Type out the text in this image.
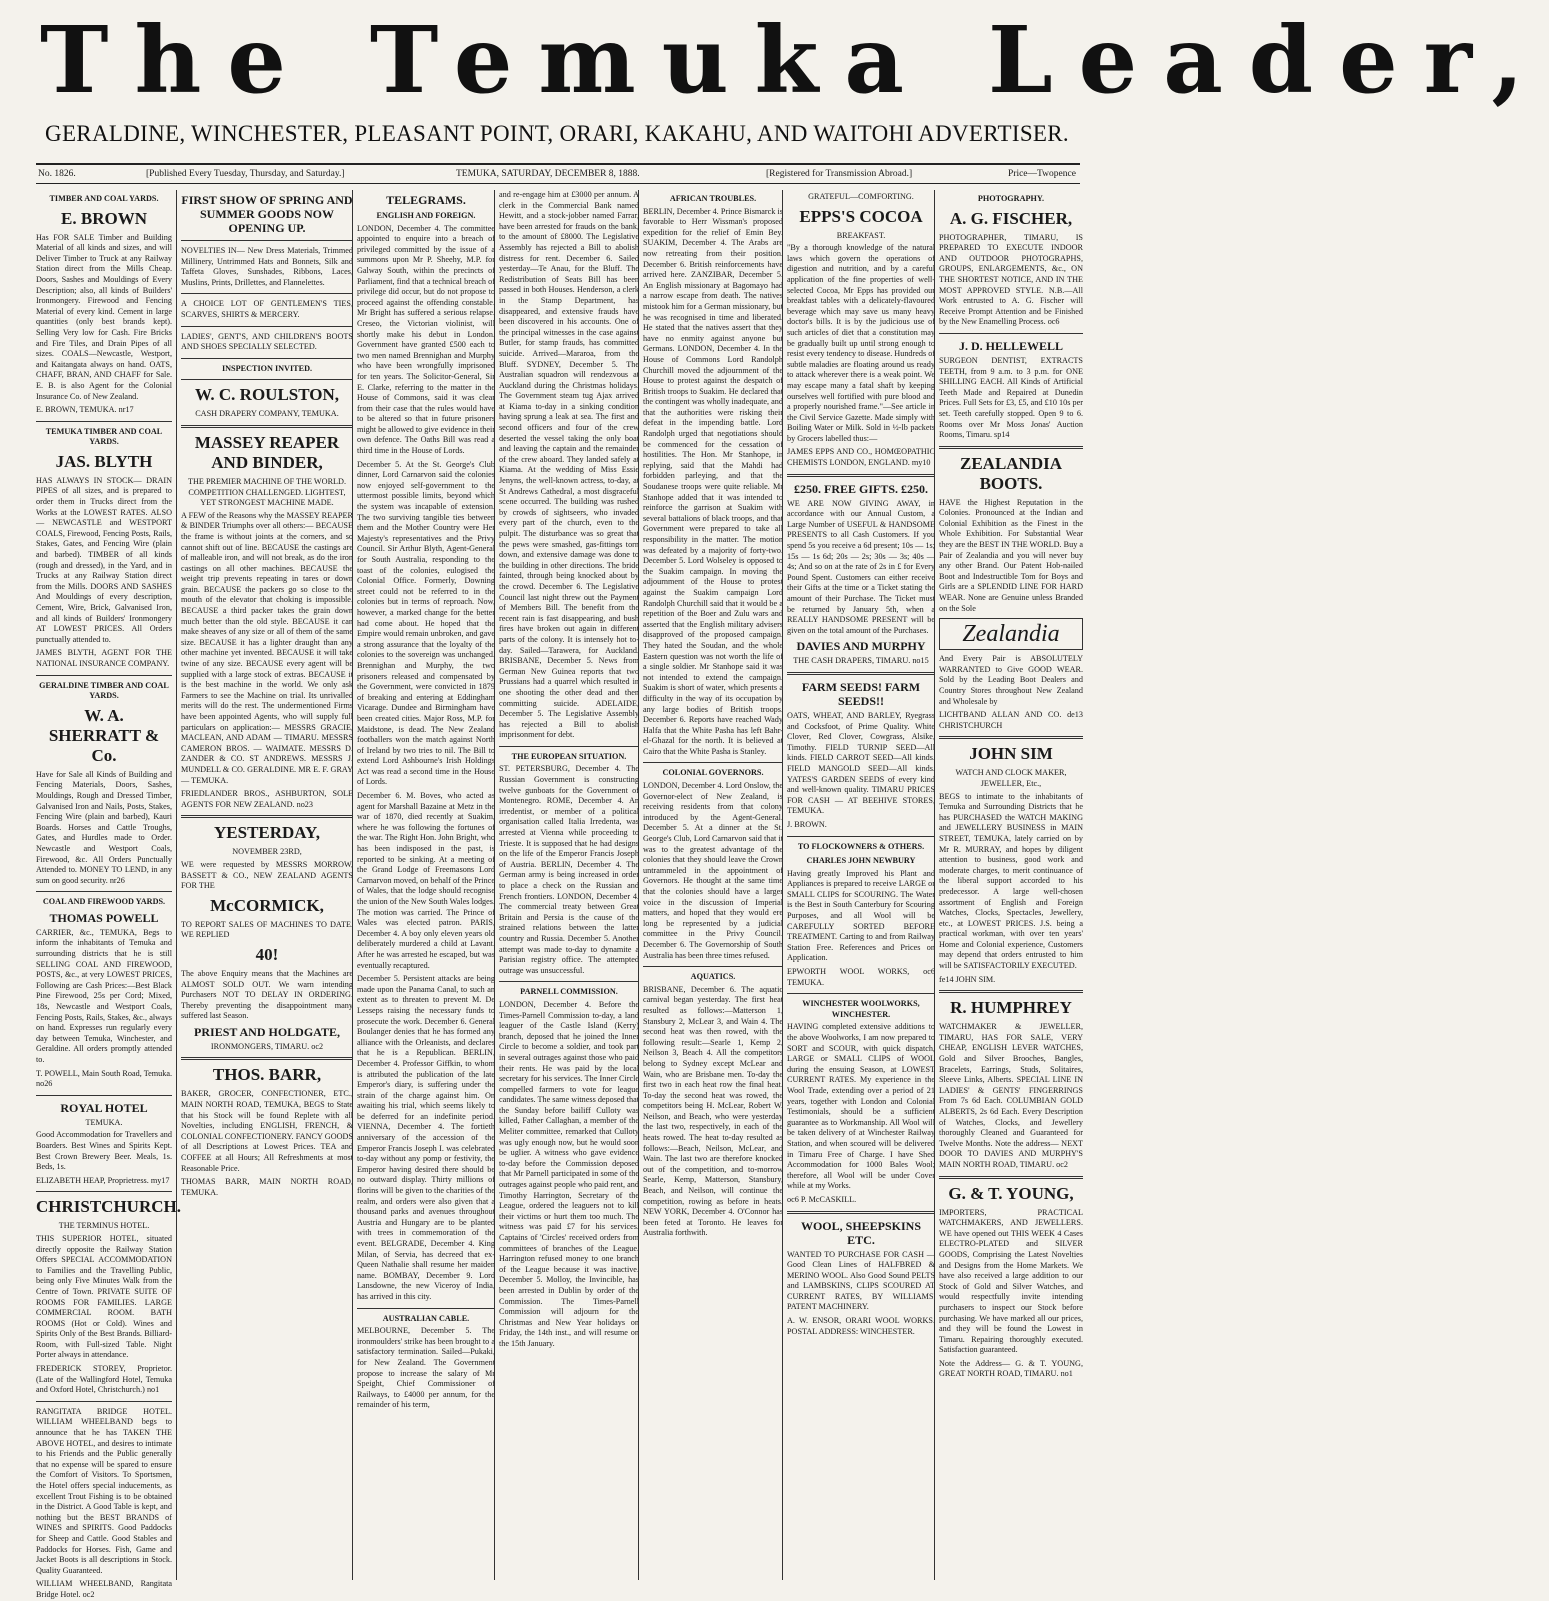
The Temuka Leader,
GERALDINE, WINCHESTER, PLEASANT POINT, ORARI, KAKAHU, AND WAITOHI ADVERTISER.
No. 1826.	[Published Every Tuesday, Thursday, and Saturday.]	TEMUKA, SATURDAY, DECEMBER 8, 1888.	[Registered for Transmission Abroad.]	Price—Twopence
TIMBER AND COAL YARDS.
E. BROWN

Has FOR SALE Timber and Building Material of all kinds and sizes, and will Deliver Timber to Truck at any Railway Station direct from the Mills Cheap. Doors, Sashes and Mouldings of Every Description; also, all kinds of Builders' Ironmongery. Firewood and Fencing Material of every kind. Cement in large quantities (only best brands kept). Selling Very low for Cash. Fire Bricks and Fire Tiles, and Drain Pipes of all sizes. COALS—Newcastle, Westport, and Kaitangata always on hand. OATS, CHAFF, BRAN, AND CHAFF for Sale. E. B. is also Agent for the Colonial Insurance Co. of New Zealand.

E. BROWN, TEMUKA. nr17

TEMUKA TIMBER AND COAL YARDS.
JAS. BLYTH

HAS ALWAYS IN STOCK— DRAIN PIPES of all sizes, and is prepared to order them in Trucks direct from the Works at the LOWEST RATES. ALSO— NEWCASTLE and WESTPORT COALS, Firewood, Fencing Posts, Rails, Stakes, Gates, and Fencing Wire (plain and barbed). TIMBER of all kinds (rough and dressed), in the Yard, and in Trucks at any Railway Station direct from the Mills. DOORS AND SASHES And Mouldings of every description, Cement, Wire, Brick, Galvanised Iron, and all kinds of Builders' Ironmongery AT LOWEST PRICES. All Orders punctually attended to.

JAMES BLYTH, AGENT FOR THE NATIONAL INSURANCE COMPANY.

GERALDINE TIMBER AND COAL YARDS.
W. A. SHERRATT & Co.

Have for Sale all Kinds of Building and Fencing Materials, Doors, Sashes, Mouldings, Rough and Dressed Timber, Galvanised Iron and Nails, Posts, Stakes, Fencing Wire (plain and barbed), Kauri Boards. Horses and Cattle Troughs, Gates, and Hurdles made to Order. Newcastle and Westport Coals, Firewood, &c. All Orders Punctually Attended to. MONEY TO LEND, in any sum on good security. nr26

COAL AND FIREWOOD YARDS.
THOMAS POWELL

CARRIER, &c., TEMUKA, Begs to inform the inhabitants of Temuka and surrounding districts that he is still SELLING COAL AND FIREWOOD, POSTS, &c., at very LOWEST PRICES, Following are Cash Prices:—Best Black Pine Firewood, 25s per Cord; Mixed, 18s, Newcastle and Westport Coals, Fencing Posts, Rails, Stakes, &c., always on hand. Expresses run regularly every day between Temuka, Winchester, and Geraldine. All orders promptly attended to.

T. POWELL, Main South Road, Temuka. no26

ROYAL HOTEL
TEMUKA.

Good Accommodation for Travellers and Boarders. Best Wines and Spirits Kept. Best Crown Brewery Beer. Meals, 1s. Beds, 1s.

ELIZABETH HEAP, Proprietress. my17

CHRISTCHURCH.
THE TERMINUS HOTEL.

THIS SUPERIOR HOTEL, situated directly opposite the Railway Station Offers SPECIAL ACCOMMODATION to Families and the Travelling Public, being only Five Minutes Walk from the Centre of Town. PRIVATE SUITE OF ROOMS FOR FAMILIES. LARGE COMMERCIAL ROOM. BATH ROOMS (Hot or Cold). Wines and Spirits Only of the Best Brands. Billiard-Room, with Full-sized Table. Night Porter always in attendance.

FREDERICK STOREY, Proprietor. (Late of the Wallingford Hotel, Temuka and Oxford Hotel, Christchurch.) no1

RANGITATA BRIDGE HOTEL. WILLIAM WHEELBAND begs to announce that he has TAKEN THE ABOVE HOTEL, and desires to intimate to his Friends and the Public generally that no expense will be spared to ensure the Comfort of Visitors. To Sportsmen, the Hotel offers special inducements, as excellent Trout Fishing is to be obtained in the District. A Good Table is kept, and nothing but the BEST BRANDS of WINES and SPIRITS. Good Paddocks for Sheep and Cattle. Good Stables and Paddocks for Horses. Fish, Game and Jacket Boots is all descriptions in Stock. Quality Guaranteed.

WILLIAM WHEELBAND, Rangitata Bridge Hotel. oc2

FIRST SHOW OF SPRING AND SUMMER GOODS NOW OPENING UP.

NOVELTIES IN— New Dress Materials, Trimmed Millinery, Untrimmed Hats and Bonnets, Silk and Taffeta Gloves, Sunshades, Ribbons, Laces, Muslins, Prints, Drillettes, and Flannelettes.

A CHOICE LOT OF GENTLEMEN'S TIES, SCARVES, SHIRTS & MERCERY.

LADIES', GENT'S, AND CHILDREN'S BOOTS AND SHOES SPECIALLY SELECTED.

INSPECTION INVITED.
W. C. ROULSTON,
CASH DRAPERY COMPANY, TEMUKA.
MASSEY REAPER AND BINDER,
THE PREMIER MACHINE OF THE WORLD. COMPETITION CHALLENGED. LIGHTEST, YET STRONGEST MACHINE MADE.

A FEW of the Reasons why the MASSEY REAPER & BINDER Triumphs over all others:— BECAUSE the frame is without joints at the corners, and so cannot shift out of line. BECAUSE the castings are of malleable iron, and will not break, as do the iron castings on all other machines. BECAUSE the weight trip prevents repeating in tares or down grain. BECAUSE the packers go so close to the mouth of the elevator that choking is impossible. BECAUSE a third packer takes the grain down much better than the old style. BECAUSE it can make sheaves of any size or all of them of the same size. BECAUSE it has a lighter draught than any other machine yet invented. BECAUSE it will take twine of any size. BECAUSE every agent will be supplied with a large stock of extras. BECAUSE it is the best machine in the world. We only ask Farmers to see the Machine on trial. Its unrivalled merits will do the rest. The undermentioned Firms have been appointed Agents, who will supply full particulars on application:— MESSRS GRACIE, MACLEAN, AND ADAM — TIMARU. MESSRS CAMERON BROS. — WAIMATE. MESSRS D. ZANDER & CO. ST ANDREWS. MESSRS J. MUNDELL & CO. GERALDINE. MR E. F. GRAY — TEMUKA.

FRIEDLANDER BROS., ASHBURTON, SOLE AGENTS FOR NEW ZEALAND. no23

YESTERDAY,
NOVEMBER 23RD,

WE were requested by MESSRS MORROW, BASSETT & CO., NEW ZEALAND AGENTS FOR THE

McCORMICK,

TO REPORT SALES OF MACHINES TO DATE. WE REPLIED

40!

The above Enquiry means that the Machines are ALMOST SOLD OUT. We warn intending Purchasers NOT TO DELAY IN ORDERING. Thereby preventing the disappointment many suffered last Season.

PRIEST AND HOLDGATE,
IRONMONGERS, TIMARU. oc2
THOS. BARR,

BAKER, GROCER, CONFECTIONER, ETC., MAIN NORTH ROAD, TEMUKA, BEGS to State that his Stock will be found Replete with all Novelties, including ENGLISH, FRENCH, & COLONIAL CONFECTIONERY. FANCY GOODS of all Descriptions at Lowest Prices. TEA and COFFEE at all Hours; All Refreshments at most Reasonable Price.

THOMAS BARR, MAIN NORTH ROAD, TEMUKA.

TELEGRAMS.
ENGLISH AND FOREIGN.

LONDON, December 4. The committee appointed to enquire into a breach of privileged committed by the issue of a summons upon Mr P. Sheehy, M.P. for Galway South, within the precincts of Parliament, find that a technical breach of privilege did occur, but do not propose to proceed against the offending constable. Mr Bright has suffered a serious relapse. Creseo, the Victorian violinist, will shortly make his debut in London. Government have granted £500 each to two men named Brennighan and Murphy who have been wrongfully imprisoned for ten years. The Solicitor-General, Sir E. Clarke, referring to the matter in the House of Commons, said it was clear from their case that the rules would have to be altered so that in future prisoners might be allowed to give evidence in their own defence. The Oaths Bill was read a third time in the House of Lords.

December 5. At the St. George's Club dinner, Lord Carnarvon said the colonies now enjoyed self-government to the uttermost possible limits, beyond which the system was incapable of extension. The two surviving tangible ties between them and the Mother Country were Her Majesty's representatives and the Privy Council. Sir Arthur Blyth, Agent-General for South Australia, responding to the toast of the colonies, eulogised the Colonial Office. Formerly, Downing street could not be referred to in the colonies but in terms of reproach. Now, however, a marked change for the better had come about. He hoped that the Empire would remain unbroken, and gave a strong assurance that the loyalty of the colonies to the sovereign was unchanged. Brennighan and Murphy, the two prisoners released and compensated by the Government, were convicted in 1879 of breaking and entering at Eddingham Vicarage. Dundee and Birmingham have been created cities. Major Ross, M.P. for Maidstone, is dead. The New Zealand footballers won the match against North of Ireland by two tries to nil. The Bill to extend Lord Ashbourne's Irish Holdings Act was read a second time in the House of Lords.

December 6. M. Boves, who acted as agent for Marshall Bazaine at Metz in the war of 1870, died recently at Suakim, where he was following the fortunes of the war. The Right Hon. John Bright, who has been indisposed in the past, is reported to be sinking. At a meeting of the Grand Lodge of Freemasons Lord Carnarvon moved, on behalf of the Prince of Wales, that the lodge should recognise the union of the New South Wales lodges. The motion was carried. The Prince of Wales was elected patron. PARIS, December 4. A boy only eleven years old deliberately murdered a child at Lavant. After he was arrested he escaped, but was eventually recaptured.

December 5. Persistent attacks are being made upon the Panama Canal, to such an extent as to threaten to prevent M. De Lesseps raising the necessary funds to prosecute the work. December 6. General Boulanger denies that he has formed any alliance with the Orleanists, and declares that he is a Republican. BERLIN, December 4. Professor Giffkin, to whom is attributed the publication of the late Emperor's diary, is suffering under the strain of the charge against him. On awaiting his trial, which seems likely to be deferred for an indefinite period. VIENNA, December 4. The fortieth anniversary of the accession of the Emperor Francis Joseph I. was celebrated to-day without any pomp or festivity, the Emperor having desired there should be no outward display. Thirty millions of florins will be given to the charities of the realm, and orders were also given that a thousand parks and avenues throughout Austria and Hungary are to be planted with trees in commemoration of the event. BELGRADE, December 4. King Milan, of Servia, has decreed that ex-Queen Nathalie shall resume her maiden name. BOMBAY, December 9. Lord Lansdowne, the new Viceroy of India, has arrived in this city.

AUSTRALIAN CABLE.

MELBOURNE, December 5. The ironmoulders' strike has been brought to a satisfactory termination. Sailed—Pukaki, for New Zealand. The Government propose to increase the salary of Mr Speight, Chief Commissioner of Railways, to £4000 per annum, for the remainder of his term,

and re-engage him at £3000 per annum. A clerk in the Commercial Bank named Hewitt, and a stock-jobber named Farrar, have been arrested for frauds on the bank, to the amount of £8000. The Legislative Assembly has rejected a Bill to abolish distress for rent. December 6. Sailed yesterday—Te Anau, for the Bluff. The Redistribution of Seats Bill has been passed in both Houses. Henderson, a clerk in the Stamp Department, has disappeared, and extensive frauds have been discovered in his accounts. One of the principal witnesses in the case against Butler, for stamp frauds, has committed suicide. Arrived—Mararoa, from the Bluff. SYDNEY, December 5. The Australian squadron will rendezvous at Auckland during the Christmas holidays. The Government steam tug Ajax arrived at Kiama to-day in a sinking condition having sprung a leak at sea. The first and second officers and four of the crew deserted the vessel taking the only boat and leaving the captain and the remainder of the crew aboard. They landed safely at Kiama. At the wedding of Miss Essie Jenyns, the well-known actress, to-day, at St Andrews Cathedral, a most disgraceful scene occurred. The building was rushed by crowds of sightseers, who invaded every part of the church, even to the pulpit. The disturbance was so great that the pews were smashed, gas-fittings torn down, and extensive damage was done to the building in other directions. The bride fainted, through being knocked about by the crowd. December 6. The Legislative Council last night threw out the Payment of Members Bill. The benefit from the recent rain is fast disappearing, and bush fires have broken out again in different parts of the colony. It is intensely hot to-day. Sailed—Tarawera, for Auckland. BRISBANE, December 5. News from German New Guinea reports that two Prussians had a quarrel which resulted in one shooting the other dead and then committing suicide. ADELAIDE, December 5. The Legislative Assembly has rejected a Bill to abolish imprisonment for debt.

THE EUROPEAN SITUATION.

ST. PETERSBURG, December 4. The Russian Government is constructing twelve gunboats for the Government of Montenegro. ROME, December 4. An irredentist, or member of a political organisation called Italia Irredenta, was arrested at Vienna while proceeding to Trieste. It is supposed that he had designs on the life of the Emperor Francis Joseph of Austria. BERLIN, December 4. The German army is being increased in order to place a check on the Russian and French frontiers. LONDON, December 4. The commercial treaty between Great Britain and Persia is the cause of the strained relations between the latter country and Russia. December 5. Another attempt was made to-day to dynamite a Parisian registry office. The attempted outrage was unsuccessful.

PARNELL COMMISSION.

LONDON, December 4. Before the Times-Parnell Commission to-day, a land leaguer of the Castle Island (Kerry) branch, deposed that he joined the Inner Circle to become a soldier, and took part in several outrages against those who paid their rents. He was paid by the local secretary for his services. The Inner Circle compelled farmers to vote for league candidates. The same witness deposed that the Sunday before bailiff Culloty was killed, Father Callaghan, a member of the Meliter committee, remarked that Culloty was ugly enough now, but he would soon be uglier. A witness who gave evidence to-day before the Commission deposed that Mr Parnell participated in some of the outrages against people who paid rent, and Timothy Harrington, Secretary of the League, ordered the leaguers not to kill their victims or hurt them too much. The witness was paid £7 for his services. Captains of 'Circles' received orders from committees of branches of the League. Harrington refused money to one branch of the League because it was inactive. December 5. Molloy, the Invincible, has been arrested in Dublin by order of the Commission. The Times-Parnell Commission will adjourn for the Christmas and New Year holidays on Friday, the 14th inst., and will resume on the 15th January.

AFRICAN TROUBLES.

BERLIN, December 4. Prince Bismarck is favorable to Herr Wissman's proposed expedition for the relief of Emin Bey. SUAKIM, December 4. The Arabs are now retreating from their position. December 6. British reinforcements have arrived here. ZANZIBAR, December 5. An English missionary at Bagomayo had a narrow escape from death. The natives mistook him for a German missionary, but he was recognised in time and liberated. He stated that the natives assert that they have no enmity against anyone but Germans. LONDON, December 4. In the House of Commons Lord Randolph Churchill moved the adjournment of the House to protest against the despatch of British troops to Suakim. He declared that the contingent was wholly inadequate, and that the authorities were risking their defeat in the impending battle. Lord Randolph urged that negotiations should be commenced for the cessation of hostilities. The Hon. Mr Stanhope, in replying, said that the Mahdi had forbidden parleying, and that the Soudanese troops were quite reliable. Mr Stanhope added that it was intended to reinforce the garrison at Suakim with several battalions of black troops, and that Government were prepared to take all responsibility in the matter. The motion was defeated by a majority of forty-two. December 5. Lord Wolseley is opposed to the Suakim campaign. In moving the adjournment of the House to protest against the Suakim campaign Lord Randolph Churchill said that it would be a repetition of the Boer and Zulu wars and asserted that the English military advisers disapproved of the proposed campaign. They hated the Soudan, and the whole Eastern question was not worth the life of a single soldier. Mr Stanhope said it was not intended to extend the campaign. Suakim is short of water, which presents a difficulty in the way of its occupation by any large bodies of British troops. December 6. Reports have reached Wady Halfa that the White Pasha has left Bahr-el-Ghazal for the north. It is believed at Cairo that the White Pasha is Stanley.

COLONIAL GOVERNORS.

LONDON, December 4. Lord Onslow, the Governor-elect of New Zealand, is receiving residents from that colony introduced by the Agent-General. December 5. At a dinner at the St. George's Club, Lord Carnarvon said that it was to the greatest advantage of the colonies that they should leave the Crown untrammeled in the appointment of Governors. He thought at the same time that the colonies should have a larger voice in the discussion of Imperial matters, and hoped that they would ere long be represented by a judicial committee in the Privy Council. December 6. The Governorship of South Australia has been three times refused.

AQUATICS.

BRISBANE, December 6. The aquatic carnival began yesterday. The first heat resulted as follows:—Matterson 1, Stansbury 2, McLear 3, and Wain 4. The second heat was then rowed, with the following result:—Searle 1, Kemp 2, Neilson 3, Beach 4. All the competitors belong to Sydney except McLear and Wain, who are Brisbane men. To-day the first two in each heat row the final heat. To-day the second heat was rowed, the competitors being H. McLear, Robert W. Neilson, and Beach, who were yesterday the last two, respectively, in each of the heats rowed. The heat to-day resulted as follows:—Beach, Neilson, McLear, and Wain. The last two are therefore knocked out of the competition, and to-morrow Searle, Kemp, Matterson, Stansbury, Beach, and Neilson, will continue the competition, rowing as before in heats. NEW YORK, December 4. O'Connor has been feted at Toronto. He leaves for Australia forthwith.

GRATEFUL—COMFORTING.
EPPS'S COCOA
BREAKFAST.

"By a thorough knowledge of the natural laws which govern the operations of digestion and nutrition, and by a careful application of the fine properties of well-selected Cocoa, Mr Epps has provided our breakfast tables with a delicately-flavoured beverage which may save us many heavy doctor's bills. It is by the judicious use of such articles of diet that a constitution may be gradually built up until strong enough to resist every tendency to disease. Hundreds of subtle maladies are floating around us ready to attack wherever there is a weak point. We may escape many a fatal shaft by keeping ourselves well fortified with pure blood and a properly nourished frame."—See article in the Civil Service Gazette. Made simply with Boiling Water or Milk. Sold in ½-lb packets by Grocers labelled thus:—

JAMES EPPS AND CO., HOMŒOPATHIC CHEMISTS LONDON, ENGLAND. my10

£250. FREE GIFTS. £250.

WE ARE NOW GIVING AWAY, in accordance with our Annual Custom, a Large Number of USEFUL & HANDSOME PRESENTS to all Cash Customers. If you spend 5s you receive a 6d present; 10s — 1s; 15s — 1s 6d; 20s — 2s; 30s — 3s; 40s — 4s; And so on at the rate of 2s in £ for Every Pound Spent. Customers can either receive their Gifts at the time or a Ticket stating the amount of their Purchase. The Ticket must be returned by January 5th, when a REALLY HANDSOME PRESENT will be given on the total amount of the Purchases.

DAVIES AND MURPHY
THE CASH DRAPERS, TIMARU. no15
FARM SEEDS! FARM SEEDS!!

OATS, WHEAT, AND BARLEY, Ryegrass and Cocksfoot, of Prime Quality. White Clover, Red Clover, Cowgrass, Alsike, Timothy. FIELD TURNIP SEED—All kinds. FIELD CARROT SEED—All kinds. FIELD MANGOLD SEED—All kinds. YATES'S GARDEN SEEDS of every kind and well-known quality. TIMARU PRICES FOR CASH — AT BEEHIVE STORES, TEMUKA.

J. BROWN.

TO FLOCKOWNERS & OTHERS.
CHARLES JOHN NEWBURY

Having greatly Improved his Plant and Appliances is prepared to receive LARGE or SMALL CLIPS for SCOURING. The Water is the Best in South Canterbury for Scouring Purposes, and all Wool will be CAREFULLY SORTED BEFORE TREATMENT. Carting to and from Railway Station Free. References and Prices on Application.

EPWORTH WOOL WORKS, oc6 TEMUKA.

WINCHESTER WOOLWORKS, WINCHESTER.

HAVING completed extensive additions to the above Woolworks, I am now prepared to SORT and SCOUR, with quick dispatch, LARGE or SMALL CLIPS of WOOL during the ensuing Season, at LOWEST CURRENT RATES. My experience in the Wool Trade, extending over a period of 21 years, together with London and Colonial Testimonials, should be a sufficient guarantee as to Workmanship. All Wool will be taken delivery of at Winchester Railway Station, and when scoured will be delivered in Timaru Free of Charge. I have Shed Accommodation for 1000 Bales Wool; therefore, all Wool will be under Cover while at my Works.

oc6 P. McCASKILL.

WOOL, SHEEPSKINS ETC.

WANTED TO PURCHASE FOR CASH — Good Clean Lines of HALFBRED & MERINO WOOL. Also Good Sound PELTS and LAMBSKINS, CLIPS SCOURED AT CURRENT RATES, BY WILLIAMS' PATENT MACHINERY.

A. W. ENSOR, ORARI WOOL WORKS. POSTAL ADDRESS: WINCHESTER.

PHOTOGRAPHY.
A. G. FISCHER,

PHOTOGRAPHER, TIMARU, IS PREPARED TO EXECUTE INDOOR AND OUTDOOR PHOTOGRAPHS, GROUPS, ENLARGEMENTS, &c., ON THE SHORTEST NOTICE, AND IN THE MOST APPROVED STYLE. N.B.—All Work entrusted to A. G. Fischer will Receive Prompt Attention and be Finished by the New Enamelling Process. oc6

J. D. HELLEWELL

SURGEON DENTIST, EXTRACTS TEETH, from 9 a.m. to 3 p.m. for ONE SHILLING EACH. All Kinds of Artificial Teeth Made and Repaired at Dunedin Prices. Full Sets for £3, £5, and £10 10s per set. Teeth carefully stopped. Open 9 to 6. Rooms over Mr Moss Jonas' Auction Rooms, Timaru. sp14

ZEALANDIA BOOTS.

HAVE the Highest Reputation in the Colonies. Pronounced at the Indian and Colonial Exhibition as the Finest in the Whole Exhibition. For Substantial Wear they are the BEST IN THE WORLD. Buy a Pair of Zealandia and you will never buy any other Brand. Our Patent Hob-nailed Boot and Indestructible Tom for Boys and Girls are a SPLENDID LINE FOR HARD WEAR. None are Genuine unless Branded on the Sole

Zealandia

And Every Pair is ABSOLUTELY WARRANTED to Give GOOD WEAR. Sold by the Leading Boot Dealers and Country Stores throughout New Zealand and Wholesale by

LICHTBAND ALLAN AND CO. de13 CHRISTCHURCH

JOHN SIM
WATCH AND CLOCK MAKER, JEWELLER, Etc.,

BEGS to intimate to the inhabitants of Temuka and Surrounding Districts that he has PURCHASED the WATCH MAKING and JEWELLERY BUSINESS in MAIN STREET, TEMUKA, lately carried on by Mr R. MURRAY, and hopes by diligent attention to business, good work and moderate charges, to merit continuance of the liberal support accorded to his predecessor. A large well-chosen assortment of English and Foreign Watches, Clocks, Spectacles, Jewellery, etc., at LOWEST PRICES. J.S. being a practical workman, with over ten years' Home and Colonial experience, Customers may depend that orders entrusted to him will be SATISFACTORILY EXECUTED.

fe14 JOHN SIM.

R. HUMPHREY

WATCHMAKER & JEWELLER, TIMARU, HAS FOR SALE, VERY CHEAP, ENGLISH LEVER WATCHES, Gold and Silver Brooches, Bangles, Bracelets, Earrings, Studs, Solitaires, Sleeve Links, Alberts. SPECIAL LINE IN LADIES' & GENTS' FINGERRINGS From 7s 6d Each. COLUMBIAN GOLD ALBERTS, 2s 6d Each. Every Description of Watches, Clocks, and Jewellery thoroughly Cleaned and Guaranteed for Twelve Months. Note the address— NEXT DOOR TO DAVIES AND MURPHY'S MAIN NORTH ROAD, TIMARU. oc2

G. & T. YOUNG,

IMPORTERS, PRACTICAL WATCHMAKERS, AND JEWELLERS. WE have opened out THIS WEEK 4 Cases ELECTRO-PLATED and SILVER GOODS, Comprising the Latest Novelties and Designs from the Home Markets. We have also received a large addition to our Stock of Gold and Silver Watches, and would respectfully invite intending purchasers to inspect our Stock before purchasing. We have marked all our prices, and they will be found the Lowest in Timaru. Repairing thoroughly executed. Satisfaction guaranteed.

Note the Address— G. & T. YOUNG, GREAT NORTH ROAD, TIMARU. no1
